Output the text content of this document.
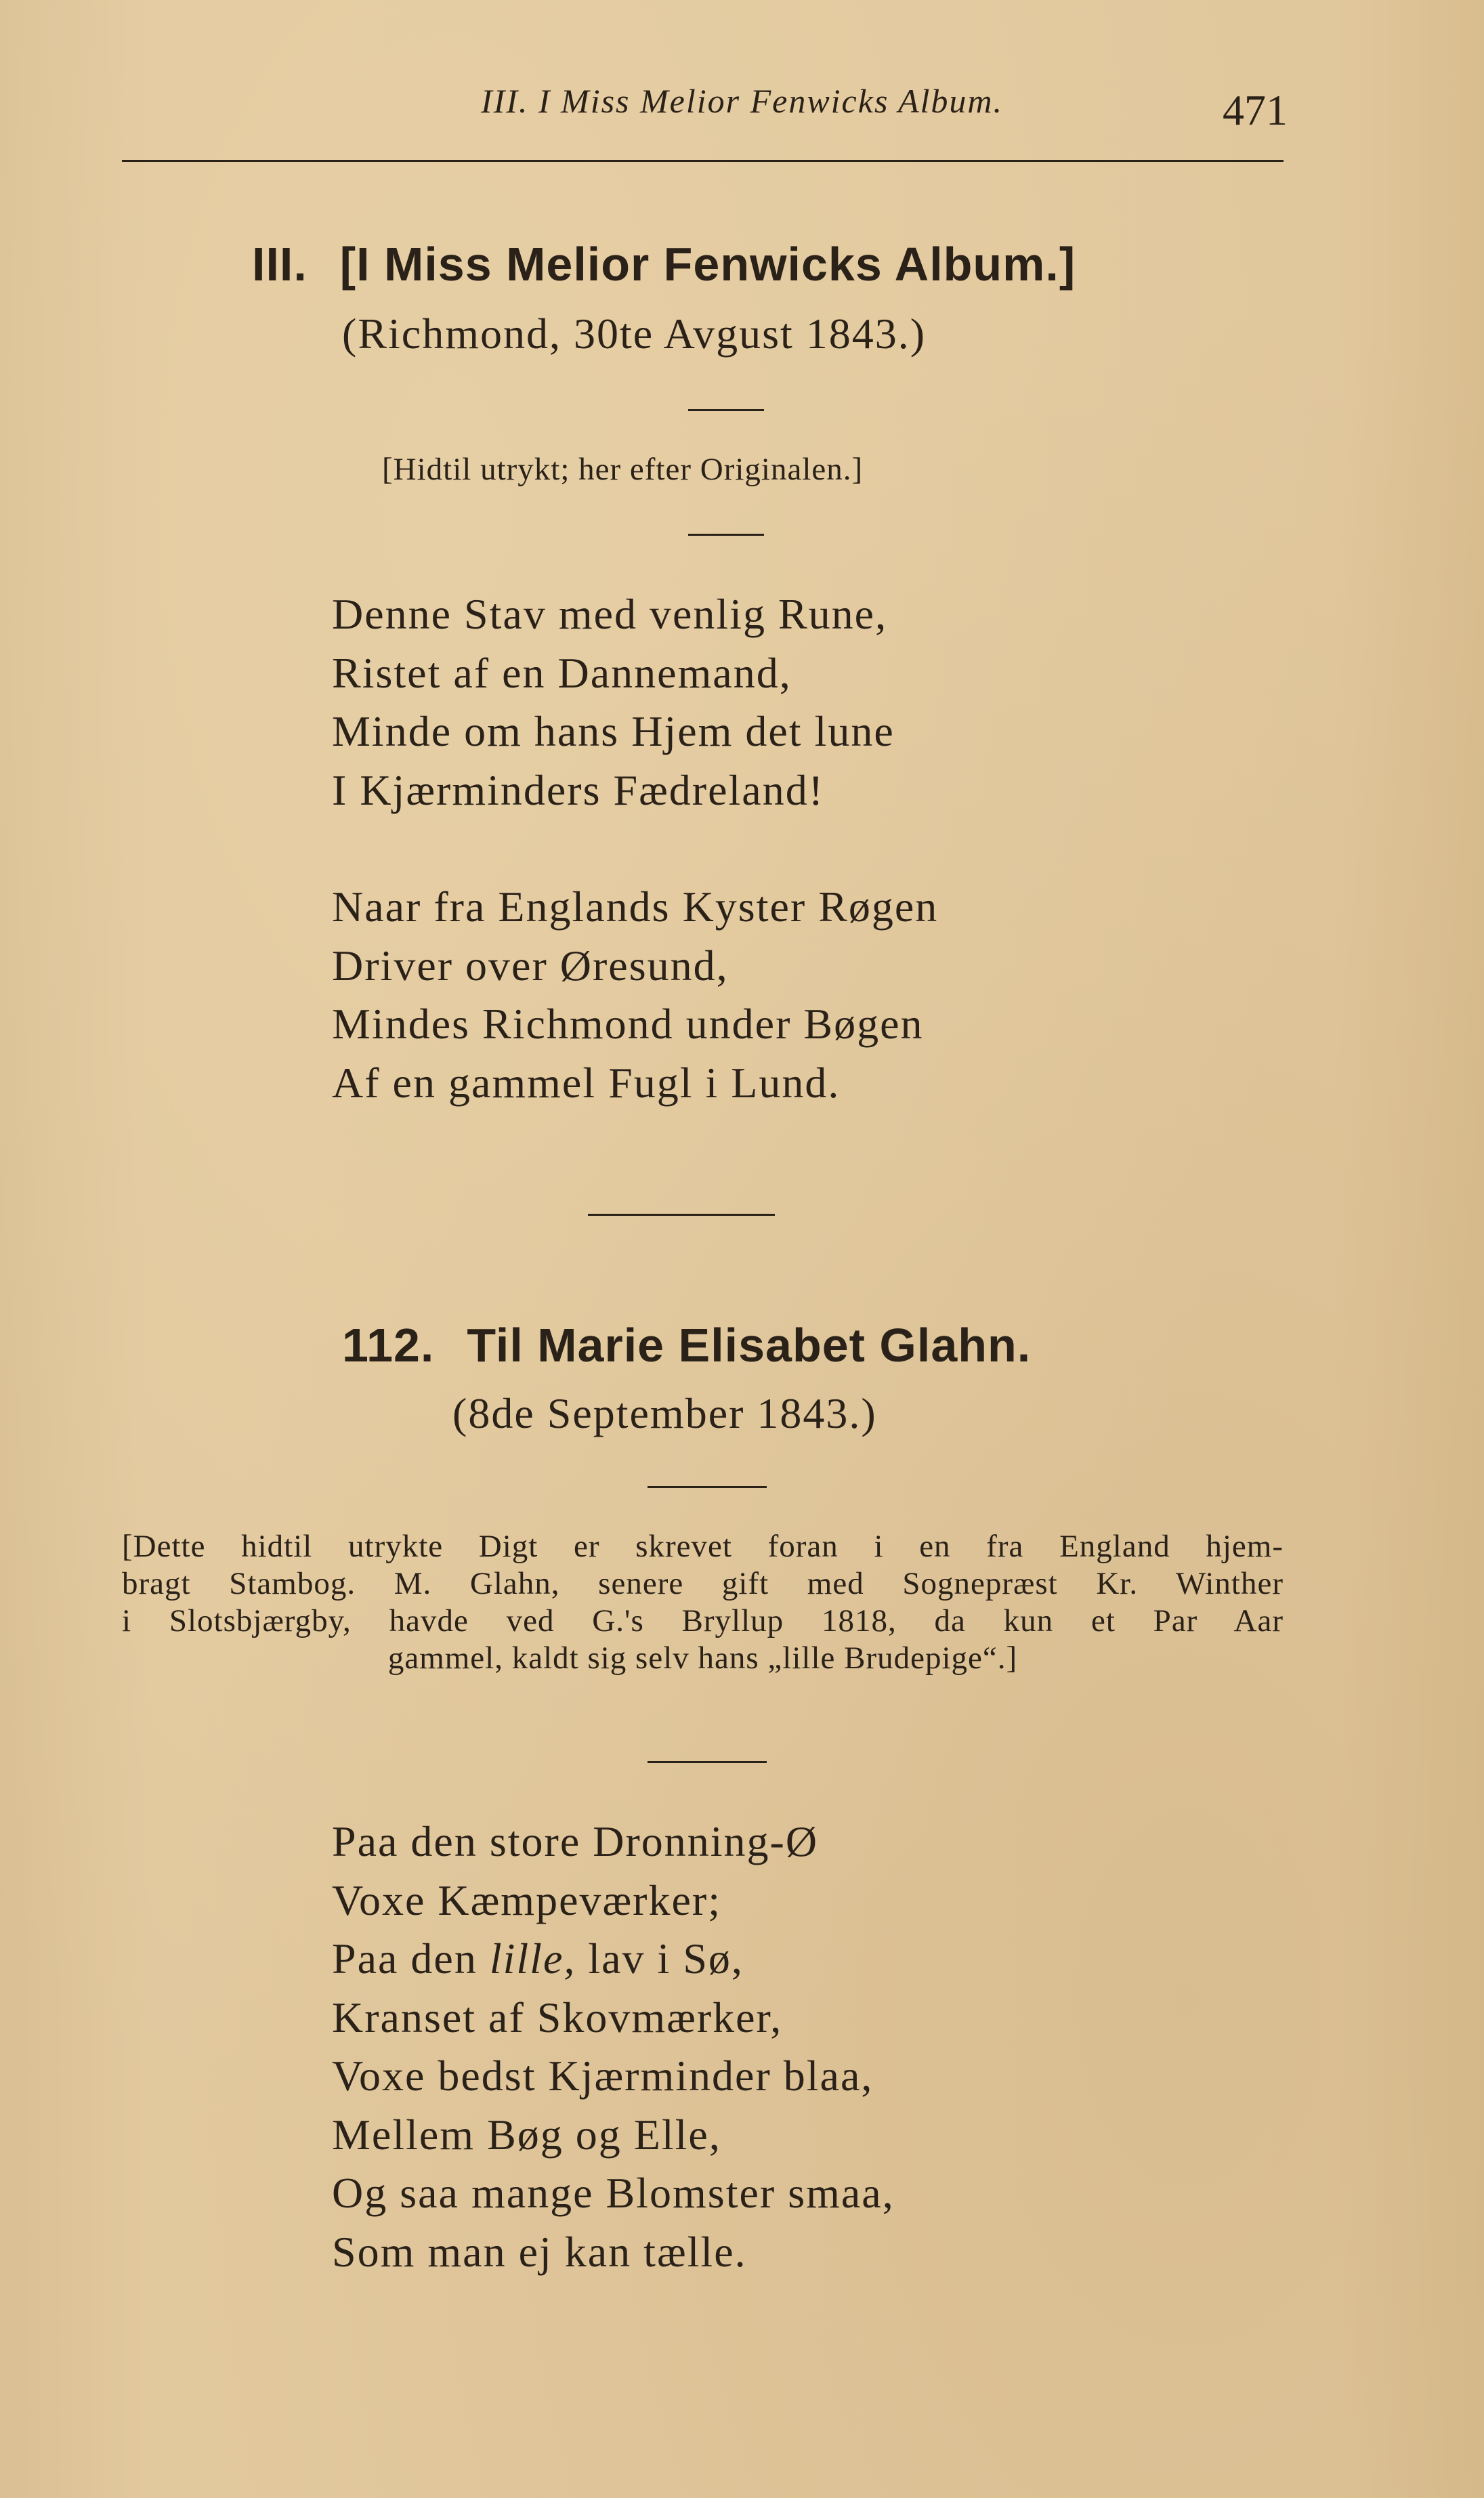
III. I Miss Melior Fenwicks Album.	471
III. [I Miss Melior Fenwicks Album.]
(Richmond, 30te Avgust 1843.)
[Hidtil utrykt; her efter Originalen.]
Denne Stav med venlig Rune,
Ristet af en Dannemand,
Minde om hans Hjem det lune
I Kjærminders Fædreland!
Naar fra Englands Kyster Røgen
Driver over Øresund,
Mindes Richmond under Bøgen
Af en gammel Fugl i Lund.
112. Til Marie Elisabet Glahn.
(8de September 1843.)
[Dette hidtil utrykte Digt er skrevet foran i en fra England hjem-
bragt Stambog. M. Glahn, senere gift med Sognepræst Kr. Winther
i Slotsbjærgby, havde ved G.'s Bryllup 1818, da kun et Par Aar
gammel, kaldt sig selv hans „lille Brudepige“.]
Paa den store Dronning-Ø
Voxe Kæmpeværker;
Paa den lille, lav i Sø,
Kranset af Skovmærker,
Voxe bedst Kjærminder blaa,
Mellem Bøg og Elle,
Og saa mange Blomster smaa,
Som man ej kan tælle.
